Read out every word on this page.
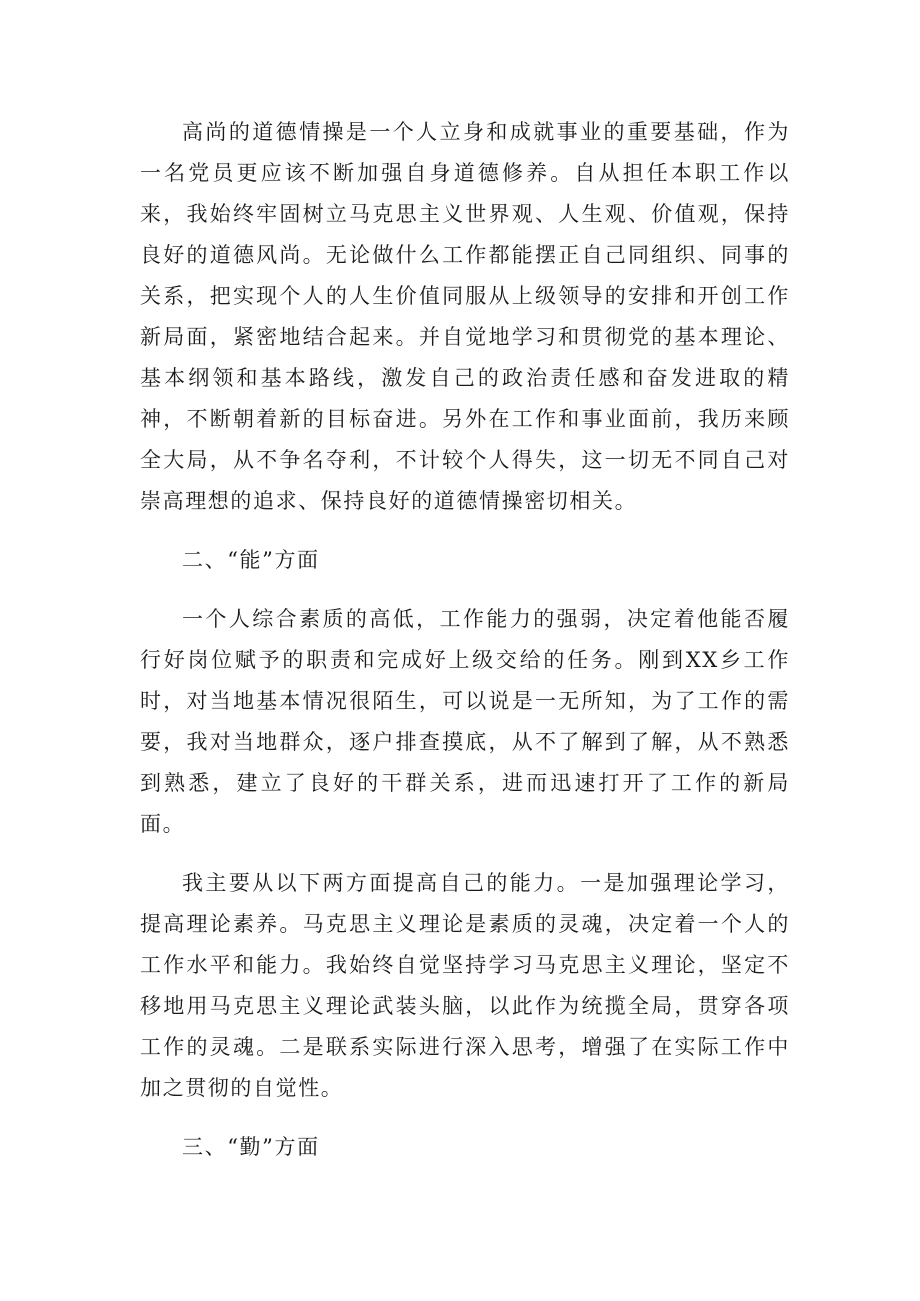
高尚的道德情操是一个人立身和成就事业的重要基础，作为一名党员更应该不断加强自身道德修养。自从担任本职工作以来，我始终牢固树立马克思主义世界观、人生观、价值观，保持良好的道德风尚。无论做什么工作都能摆正自己同组织、同事的关系，把实现个人的人生价值同服从上级领导的安排和开创工作新局面，紧密地结合起来。并自觉地学习和贯彻党的基本理论、基本纲领和基本路线，激发自己的政治责任感和奋发进取的精神，不断朝着新的目标奋进。另外在工作和事业面前，我历来顾全大局，从不争名夺利，不计较个人得失，这一切无不同自己对崇高理想的追求、保持良好的道德情操密切相关。

二、“能”方面

一个人综合素质的高低，工作能力的强弱，决定着他能否履行好岗位赋予的职责和完成好上级交给的任务。刚到XX乡工作时，对当地基本情况很陌生，可以说是一无所知，为了工作的需要，我对当地群众，逐户排查摸底，从不了解到了解，从不熟悉到熟悉，建立了良好的干群关系，进而迅速打开了工作的新局面。

我主要从以下两方面提高自己的能力。一是加强理论学习，提高理论素养。马克思主义理论是素质的灵魂，决定着一个人的工作水平和能力。我始终自觉坚持学习马克思主义理论，坚定不移地用马克思主义理论武装头脑，以此作为统揽全局，贯穿各项工作的灵魂。二是联系实际进行深入思考，增强了在实际工作中加之贯彻的自觉性。

三、“勤”方面
